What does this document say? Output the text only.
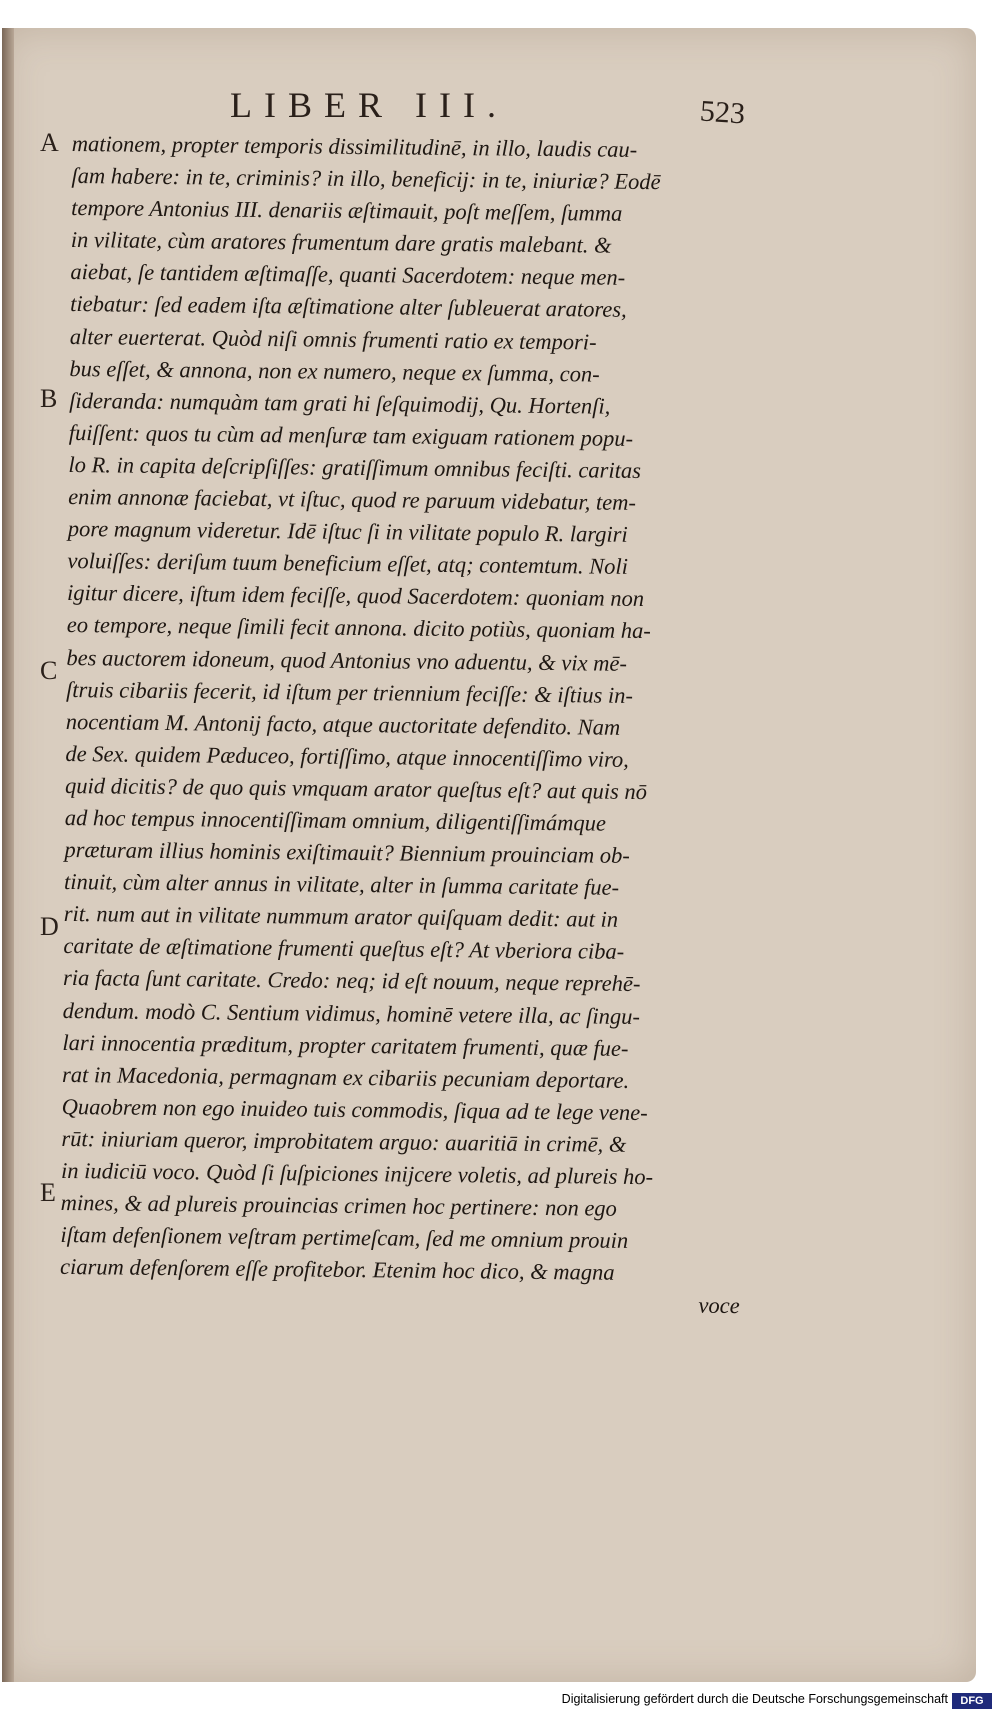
LIBER III.	523
A
B
C
D
E
mationem, propter temporis dissimilitudinē, in illo, laudis cau-
ſam habere: in te, criminis? in illo, beneficij: in te, iniuriæ? Eodē
tempore Antonius III. denariis æſtimauit, poſt meſſem, ſumma
in vilitate, cùm aratores frumentum dare gratis malebant. &
aiebat, ſe tantidem æſtimaſſe, quanti Sacerdotem: neque men-
tiebatur: ſed eadem iſta æſtimatione alter ſubleuerat aratores,
alter euerterat. Quòd niſi omnis frumenti ratio ex tempori-
bus eſſet, & annona, non ex numero, neque ex ſumma, con-
ſideranda: numquàm tam grati hi ſeſquimodij, Qu. Hortenſi,
fuiſſent: quos tu cùm ad menſuræ tam exiguam rationem popu-
lo R. in capita deſcripſiſſes: gratiſſimum omnibus feciſti. caritas
enim annonæ faciebat, vt iſtuc, quod re paruum videbatur, tem-
pore magnum videretur. Idē iſtuc ſi in vilitate populo R. largiri
voluiſſes: deriſum tuum beneficium eſſet, atq; contemtum. Noli
igitur dicere, iſtum idem feciſſe, quod Sacerdotem: quoniam non
eo tempore, neque ſimili fecit annona. dicito potiùs, quoniam ha-
bes auctorem idoneum, quod Antonius vno aduentu, & vix mē-
ſtruis cibariis fecerit, id iſtum per triennium feciſſe: & iſtius in-
nocentiam M. Antonij facto, atque auctoritate defendito. Nam
de Sex. quidem Pæduceo, fortiſſimo, atque innocentiſſimo viro,
quid dicitis? de quo quis vmquam arator queſtus eſt? aut quis nō
ad hoc tempus innocentiſſimam omnium, diligentiſſimámque
præturam illius hominis exiſtimauit? Biennium prouinciam ob-
tinuit, cùm alter annus in vilitate, alter in ſumma caritate fue-
rit. num aut in vilitate nummum arator quiſquam dedit: aut in
caritate de æſtimatione frumenti queſtus eſt? At vberiora ciba-
ria facta ſunt caritate. Credo: neq; id eſt nouum, neque reprehē-
dendum. modò C. Sentium vidimus, hominē vetere illa, ac ſingu-
lari innocentia præditum, propter caritatem frumenti, quæ fue-
rat in Macedonia, permagnam ex cibariis pecuniam deportare.
Quaobrem non ego inuideo tuis commodis, ſiqua ad te lege vene-
rūt: iniuriam queror, improbitatem arguo: auaritiā in crimē, &
in iudiciū voco. Quòd ſi ſuſpiciones inijcere voletis, ad plureis ho-
mines, & ad plureis prouincias crimen hoc pertinere: non ego
iſtam defenſionem veſtram pertimeſcam, ſed me omnium prouin
ciarum defenſorem eſſe profitebor. Etenim hoc dico, & magna
voce
Digitalisierung gefördert durch die Deutsche Forschungsgemeinschaft	DFG
